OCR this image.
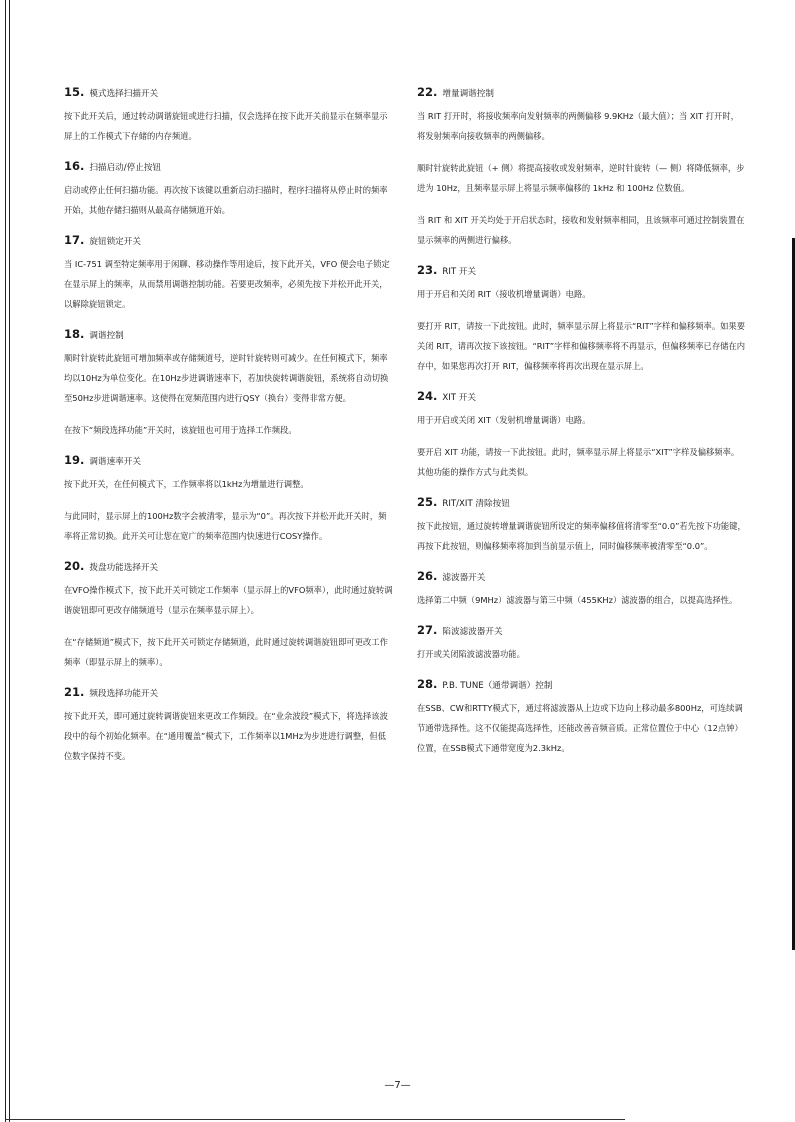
15. 模式选择扫描开关

按下此开关后，通过转动调谐旋钮或进行扫描，仅会选择在按下此开关前显示在频率显示屏上的工作模式下存储的内存频道。

16. 扫描启动/停止按钮

启动或停止任何扫描功能。再次按下该键以重新启动扫描时，程序扫描将从停止时的频率开始，其他存储扫描则从最高存储频道开始。

17. 旋钮锁定开关

当 IC-751 调至特定频率用于闲聊、移动操作等用途后，按下此开关，VFO 便会电子锁定在显示屏上的频率，从而禁用调谐控制功能。若要更改频率，必须先按下并松开此开关，以解除旋钮锁定。

18. 调谐控制

顺时针旋转此旋钮可增加频率或存储频道号，逆时针旋转则可减少。在任何模式下，频率均以10Hz为单位变化。在10Hz步进调谐速率下，若加快旋转调谐旋钮，系统将自动切换至50Hz步进调谐速率。这使得在宽频范围内进行QSY（换台）变得非常方便。

在按下“频段选择功能”开关时，该旋钮也可用于选择工作频段。

19. 调谐速率开关

按下此开关，在任何模式下，工作频率将以1kHz为增量进行调整。

与此同时，显示屏上的100Hz数字会被清零，显示为“0”。再次按下并松开此开关时，频率将正常切换。此开关可让您在宽广的频率范围内快速进行COSY操作。

20. 拨盘功能选择开关

在VFO操作模式下，按下此开关可锁定工作频率（显示屏上的VFO频率），此时通过旋转调谐旋钮即可更改存储频道号（显示在频率显示屏上）。

在“存储频道”模式下，按下此开关可锁定存储频道，此时通过旋转调谐旋钮即可更改工作频率（即显示屏上的频率）。

21. 频段选择功能开关

按下此开关，即可通过旋转调谐旋钮来更改工作频段。在“业余波段”模式下，将选择该波段中的每个初始化频率。在“通用覆盖”模式下，工作频率以1MHz为步进进行调整，但低位数字保持不变。

22. 增量调谐控制

当 RIT 打开时，将接收频率向发射频率的两侧偏移 9.9KHz（最大值）；当 XIT 打开时，将发射频率向接收频率的两侧偏移。

顺时针旋转此旋钮（+ 侧）将提高接收或发射频率，逆时针旋转（— 侧）将降低频率，步进为 10Hz，且频率显示屏上将显示频率偏移的 1kHz 和 100Hz 位数值。

当 RIT 和 XIT 开关均处于开启状态时，接收和发射频率相同，且该频率可通过控制装置在显示频率的两侧进行偏移。

23. RIT 开关

用于开启和关闭 RIT（接收机增量调谐）电路。

要打开 RIT，请按一下此按钮。此时，频率显示屏上将显示“RIT”字样和偏移频率。如果要关闭 RIT，请再次按下该按钮。“RIT”字样和偏移频率将不再显示，但偏移频率已存储在内存中，如果您再次打开 RIT，偏移频率将再次出现在显示屏上。

24. XIT 开关

用于开启或关闭 XIT（发射机增量调谐）电路。

要开启 XIT 功能，请按一下此按钮。此时，频率显示屏上将显示“XIT”字样及偏移频率。其他功能的操作方式与此类似。

25. RIT/XIT 清除按钮

按下此按钮，通过旋转增量调谐旋钮所设定的频率偏移值将清零至“0.0”若先按下功能键，再按下此按钮，则偏移频率将加到当前显示值上，同时偏移频率被清零至“0.0”。

26. 滤波器开关

选择第二中频（9MHz）滤波器与第三中频（455KHz）滤波器的组合，以提高选择性。

27. 陷波滤波器开关

打开或关闭陷波滤波器功能。

28. P.B. TUNE（通带调谐）控制

在SSB、CW和RTTY模式下，通过将滤波器从上边或下边向上移动最多800Hz，可连续调节通带选择性。这不仅能提高选择性，还能改善音频音质。正常位置位于中心（12点钟）位置，在SSB模式下通带宽度为2.3kHz。

—7—
